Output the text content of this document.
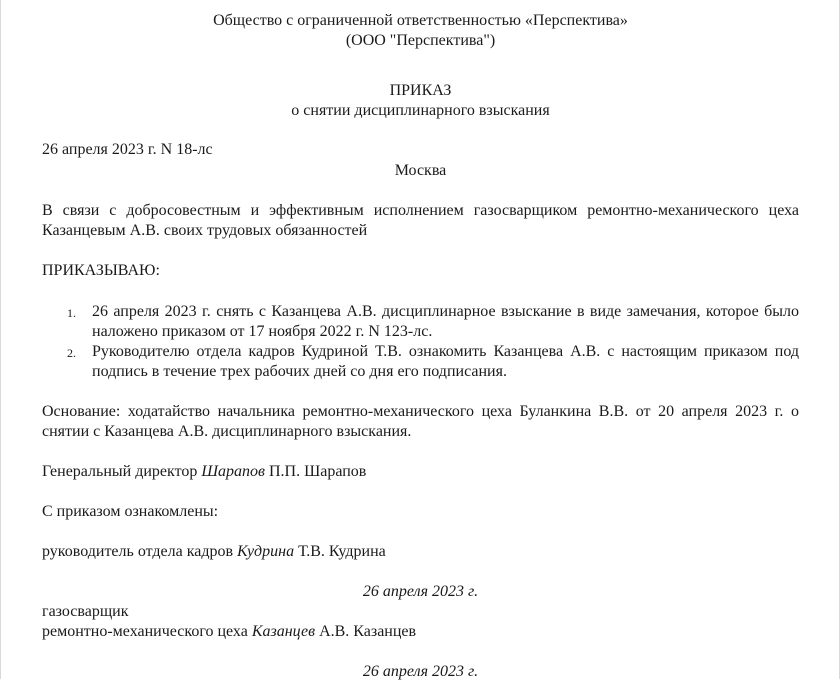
Общество с ограниченной ответственностью «Перспектива»
(ООО "Перспектива")
ПРИКАЗ
о снятии дисциплинарного взыскания
26 апреля 2023 г. N 18-лс
Москва

В связи с добросовестным и эффективным исполнением газосварщиком ремонтно-механического цеха Казанцевым А.В. своих трудовых обязанностей

ПРИКАЗЫВАЮ:

1. 26 апреля 2023 г. снять с Казанцева А.В. дисциплинарное взыскание в виде замечания, которое было наложено приказом от 17 ноября 2022 г. N 123-лс.
2. Руководителю отдела кадров Кудриной Т.В. ознакомить Казанцева А.В. с настоящим приказом под подпись в течение трех рабочих дней со дня его подписания.

Основание: ходатайство начальника ремонтно-механического цеха Буланкина В.В. от 20 апреля 2023 г. о снятии с Казанцева А.В. дисциплинарного взыскания.

Генеральный директор Шарапов П.П. Шарапов

С приказом ознакомлены:

руководитель отдела кадров Кудрина Т.В. Кудрина

26 апреля 2023 г.

газосварщик

ремонтно-механического цеха Казанцев А.В. Казанцев

26 апреля 2023 г.
